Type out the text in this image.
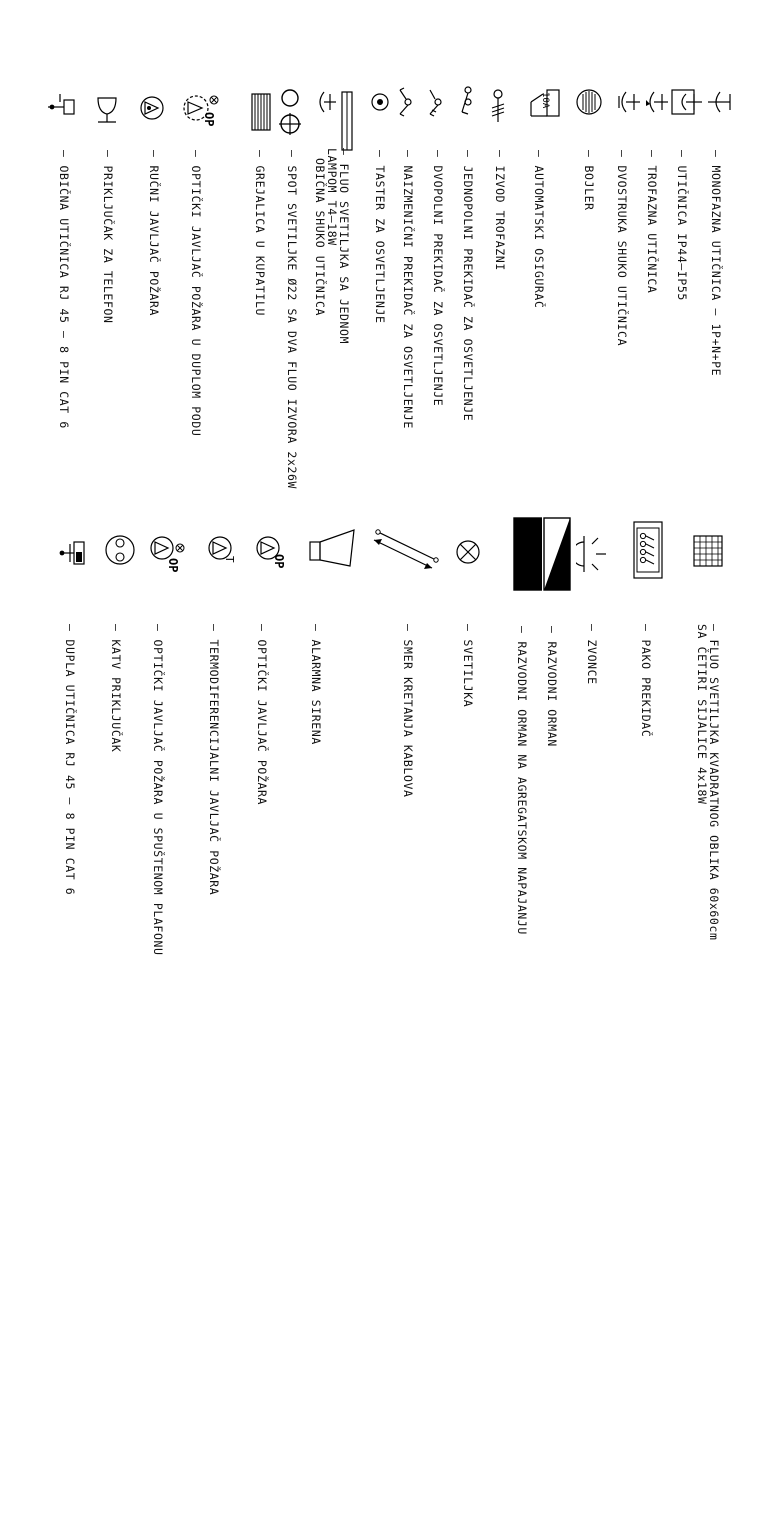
–MONOFAZNA UTIČNICA – 1P+N+PE
–UTIČNICA IP44–IP55
–TROFAZNA UTIČNICA
–DVOSTRUKA SHUKO UTIČNICA
–BOJLER
10A
–AUTOMATSKI OSIGURAČ
–IZVOD TROFAZNI
–JEDNOPOLNI PREKIDAČ ZA OSVETLJENJE
–DVOPOLNI PREKIDAČ ZA OSVETLJENJE
–NAIZMENIČNI PREKIDAČ ZA OSVETLJENJE
–TASTER ZA OSVETLJENJE
–FLUO SVETILJKA SA JEDNOM
LAMPOM T4–18W
OBIČNA SHUKO UTIČNICA
–SPOT SVETILJKE Ø22 SA DVA FLUO IZVORA 2x26W
–GREJALICA U KUPATILU
OP
–OPTIČKI JAVLJAČ POŽARA U DUPLOM PODU
–RUČNI JAVLJAČ POŽARA
–PRIKLJUČAK ZA TELEFON
–OBIČNA UTIČNICA RJ 45 – 8 PIN CAT 6
–FLUO SVETILJKA KVADRATNOG OBLIKA 60x60cm
SA ČETIRI SIJALICE 4x18W
–PAKO PREKIDAČ
–ZVONCE
–RAZVODNI ORMAN
–RAZVODNI ORMAN NA AGREGATSKOM NAPAJANJU
–SVETILJKA
–SMER KRETANJA KABLOVA
–ALARMNA SIRENA
OP
–OPTIČKI JAVLJAČ POŽARA
T
–TERMODIFERENCIJALNI JAVLJAČ POŽARA
OP
–OPTIČKI JAVLJAČ POŽARA U SPUŠTENOM PLAFONU
–KATV PRIKLJUČAK
–DUPLA UTIČNICA RJ 45 – 8 PIN CAT 6
